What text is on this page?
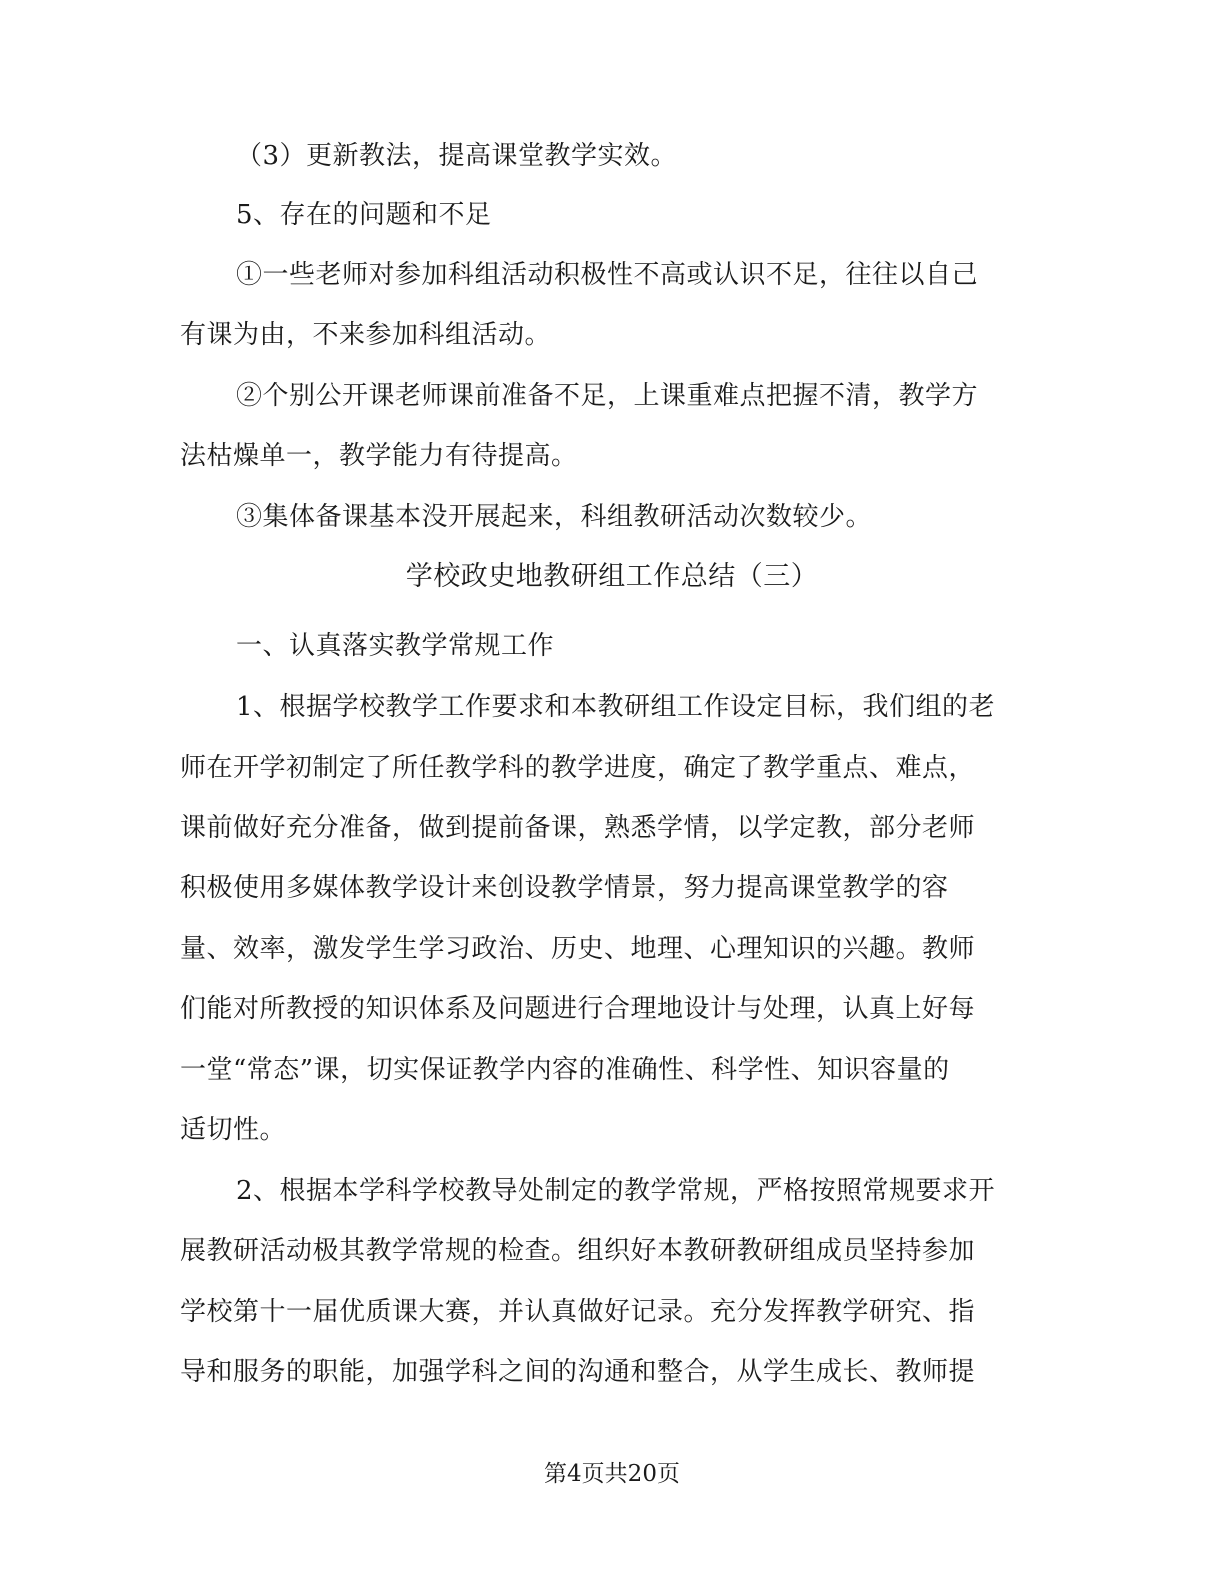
（3）更新教法，提高课堂教学实效。
5、存在的问题和不足
①一些老师对参加科组活动积极性不高或认识不足，往往以自己
有课为由，不来参加科组活动。
②个别公开课老师课前准备不足，上课重难点把握不清，教学方
法枯燥单一，教学能力有待提高。
③集体备课基本没开展起来，科组教研活动次数较少。
学校政史地教研组工作总结（三）
一、认真落实教学常规工作
1、根据学校教学工作要求和本教研组工作设定目标，我们组的老
师在开学初制定了所任教学科的教学进度，确定了教学重点、难点，
课前做好充分准备，做到提前备课，熟悉学情，以学定教，部分老师
积极使用多媒体教学设计来创设教学情景，努力提高课堂教学的容
量、效率，激发学生学习政治、历史、地理、心理知识的兴趣。教师
们能对所教授的知识体系及问题进行合理地设计与处理，认真上好每
一堂“常态”课，切实保证教学内容的准确性、科学性、知识容量的
适切性。
2、根据本学科学校教导处制定的教学常规，严格按照常规要求开
展教研活动极其教学常规的检查。组织好本教研教研组成员坚持参加
学校第十一届优质课大赛，并认真做好记录。充分发挥教学研究、指
导和服务的职能，加强学科之间的沟通和整合，从学生成长、教师提
第4页共20页
